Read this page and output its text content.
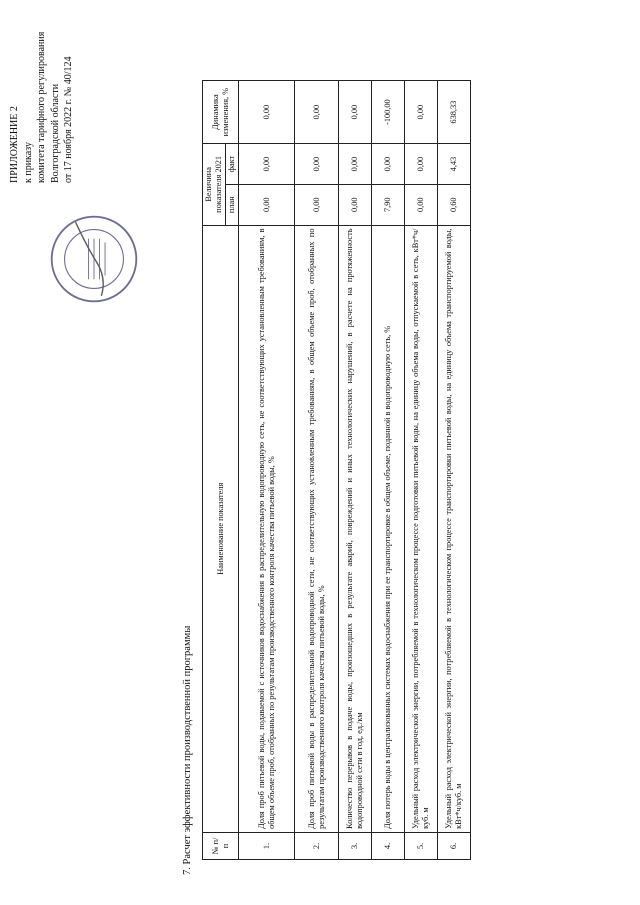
ПРИЛОЖЕНИЕ 2 к приказу комитета тарифного регулирования Волгоградской области от 17 ноября 2022 г. № 40/124
7. Расчет эффективности производственной программы № п/п	Наименование показателя	Величина показателя 2021		Динамика изменения, %
		план	факт	
1.	Доля проб питьевой воды, подаваемой с источников водоснабжения в распределительную водопроводную сеть, не соответствующих установленным требованиям, в общем объеме проб, отобранных по результатам производственного контроля качества питьевой воды, %	0,00	0,00	0,00
2.	Доля проб питьевой воды в распределительной водопроводной сети, не соответствующих установленным требованиям, в общем объеме проб, отобранных по результатам производственного контроля качества питьевой воды, %	0,00	0,00	0,00
3.	Количество перерывов в подаче воды, произошедших в результате аварий, повреждений и иных технологических нарушений, в расчете на протяженность водопроводной сети в год, ед./км	0,00	0,00	0,00
4.	Доля потерь воды в централизованных системах водоснабжения при ее транспортировке в общем объеме, поданной в водопроводную сеть, %	7,90	0,00	-100,00
5.	Удельный расход электрической энергии, потребляемой в технологическом процессе подготовки питьевой воды, на единицу объема воды, отпускаемой в сеть, кВт*ч/куб. м	0,00	0,00	0,00
6.	Удельный расход электрической энергии, потребляемой в технологическом процессе транспортировки питьевой воды, на единицу объема транспортируемой воды, кВт*ч/куб. м	0,60	4,43	638,33
